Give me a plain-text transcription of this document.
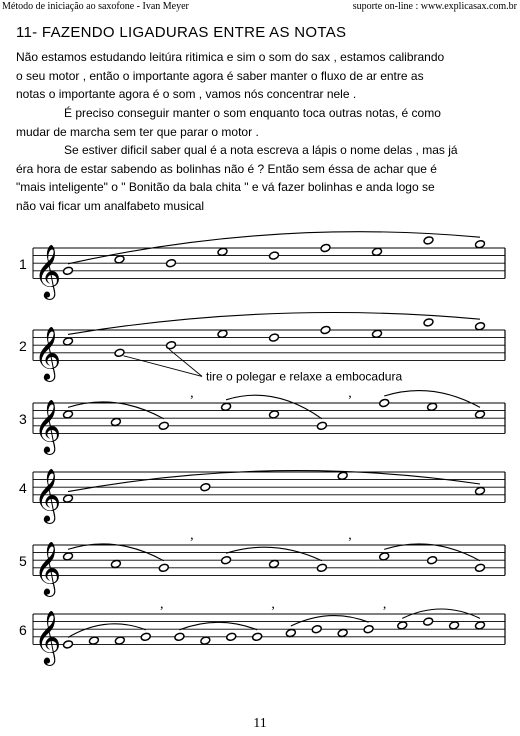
Método de iniciação ao saxofone - Ivan Meyer	suporte on-line : www.explicasax.com.br
11- FAZENDO LIGADURAS ENTRE AS NOTAS

Não estamos estudando leitúra ritimica e sim o som do sax , estamos calibrando

o seu motor , então o importante agora é saber manter o fluxo de ar entre as

notas o importante agora é o som , vamos nós concentrar nele .

É preciso conseguir manter o som enquanto toca outras notas, é como

mudar de marcha sem ter que parar o motor .

Se estiver dificil saber qual é a nota escreva a lápis o nome delas , mas já

éra hora de estar sabendo as bolinhas não é ? Então sem éssa de achar que é

"mais inteligente" o " Bonitão da bala chita " e vá fazer bolinhas e anda logo se

não vai ficar um analfabeto musical

𝄞
1
𝄞
2
tire o polegar e relaxe a embocadura
𝄞
3
,	,
𝄞
4
𝄞
5
,	,
𝄞
6
,	,	,
11
